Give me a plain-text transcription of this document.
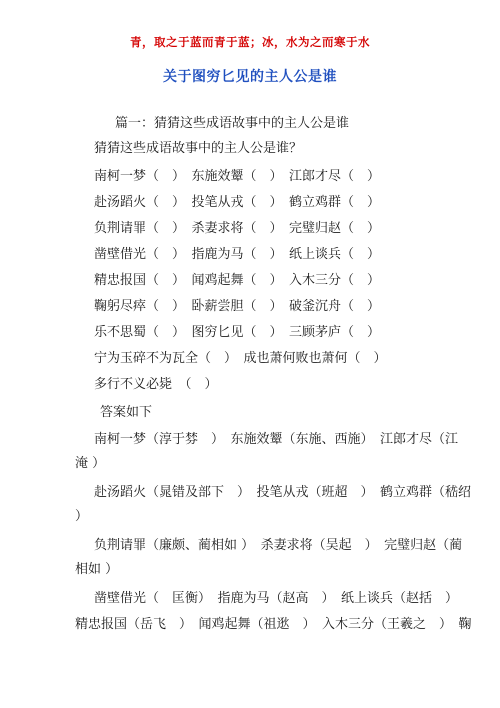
青，取之于蓝而青于蓝；冰，水为之而寒于水
关于图穷匕见的主人公是谁
篇一：猜猜这些成语故事中的主人公是谁
猜猜这些成语故事中的主人公是谁？
南柯一梦（　）　东施效颦（　）　江郎才尽（　）
赴汤蹈火（　）　投笔从戎（　）　鹤立鸡群（　）
负荆请罪（　）　杀妻求将（　）　完璧归赵（　）
凿壁借光（　）　指鹿为马（　）　纸上谈兵（　）
精忠报国（　）　闻鸡起舞（　）　入木三分（　）
鞠躬尽瘁（　）　卧薪尝胆（　）　破釜沉舟（　）
乐不思蜀（　）　图穷匕见（　）　三顾茅庐（　）
宁为玉碎不为瓦全（　）　成也萧何败也萧何（　）
多行不义必毙　（　）
答案如下
南柯一梦（淳于棼　）　东施效颦（东施、西施）　江郎才尽（江
淹 ）
赴汤蹈火（晁错及部下　）　投笔从戎（班超　）　鹤立鸡群（嵇绍
）
负荆请罪（廉颇、蔺相如 ）　杀妻求将（吴起　）　完璧归赵（蔺
相如 ）
凿壁借光（　匡衡）　指鹿为马（赵高　）　纸上谈兵（赵括　）
精忠报国（岳飞　）　闻鸡起舞（祖逖　）　入木三分（王羲之　）　鞠
